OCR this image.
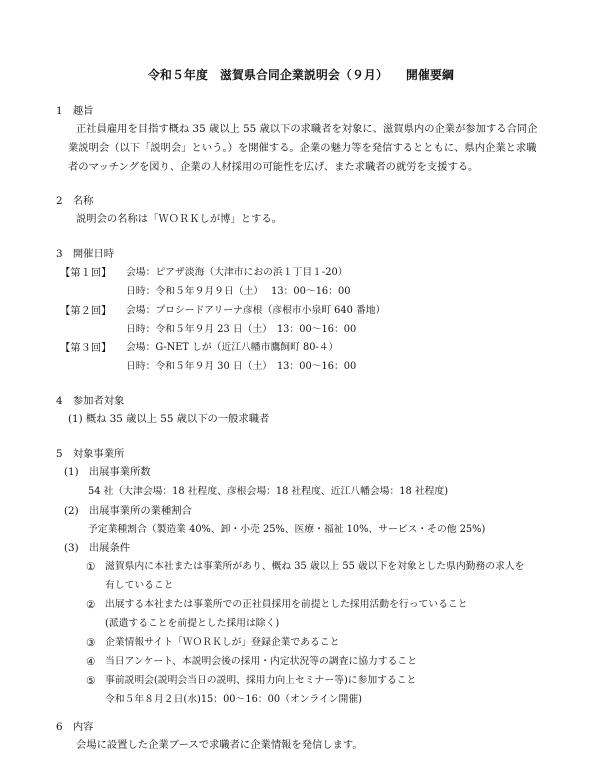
令和５年度　滋賀県合同企業説明会（９月）　　開催要綱
1　趣旨
正社員雇用を目指す概ね 35 歳以上 55 歳以下の求職者を対象に、滋賀県内の企業が参加する合同企
業説明会（以下「説明会」という。）を開催する。企業の魅力等を発信するとともに、県内企業と求職
者のマッチングを図り、企業の人材採用の可能性を広げ、また求職者の就労を支援する。
2　名称
説明会の名称は「ＷＯＲＫしが博」とする。
3　開催日時
【第１回】 会場：ピアザ淡海（大津市におの浜１丁目１-20）
日時：令和５年９月９日（土）　 13：00～16：00
【第２回】 会場：プロシードアリーナ彦根（彦根市小泉町 640 番地）
日時：令和５年９月 23 日（土）　13：00～16：00
【第３回】 会場：G-NET しが（近江八幡市鷹飼町 80-４）
日時：令和５年９月 30 日（土）　13：00～16：00
4　参加者対象
(1) 概ね 35 歳以上 55 歳以下の一般求職者
5　対象事業所
(1)　出展事業所数
54 社（大津会場：18 社程度、彦根会場：18 社程度、近江八幡会場：18 社程度)
(2)　出展事業所の業種割合
予定業種割合（製造業 40%、卸・小売 25%、医療・福祉 10%、サービス・その他 25%)
(3)　出展条件
① 滋賀県内に本社または事業所があり、概ね 35 歳以上 55 歳以下を対象とした県内勤務の求人を
有していること
② 出展する本社または事業所での正社員採用を前提とした採用活動を行っていること
(派遣することを前提とした採用は除く)
③ 企業情報サイト「ＷＯＲＫしが」登録企業であること
④ 当日アンケート、本説明会後の採用・内定状況等の調査に協力すること
⑤ 事前説明会(説明会当日の説明、採用力向上セミナー等)に参加すること
令和５年８月２日(水)15：00～16：00（オンライン開催)
6　内容
会場に設置した企業ブースで求職者に企業情報を発信します。
